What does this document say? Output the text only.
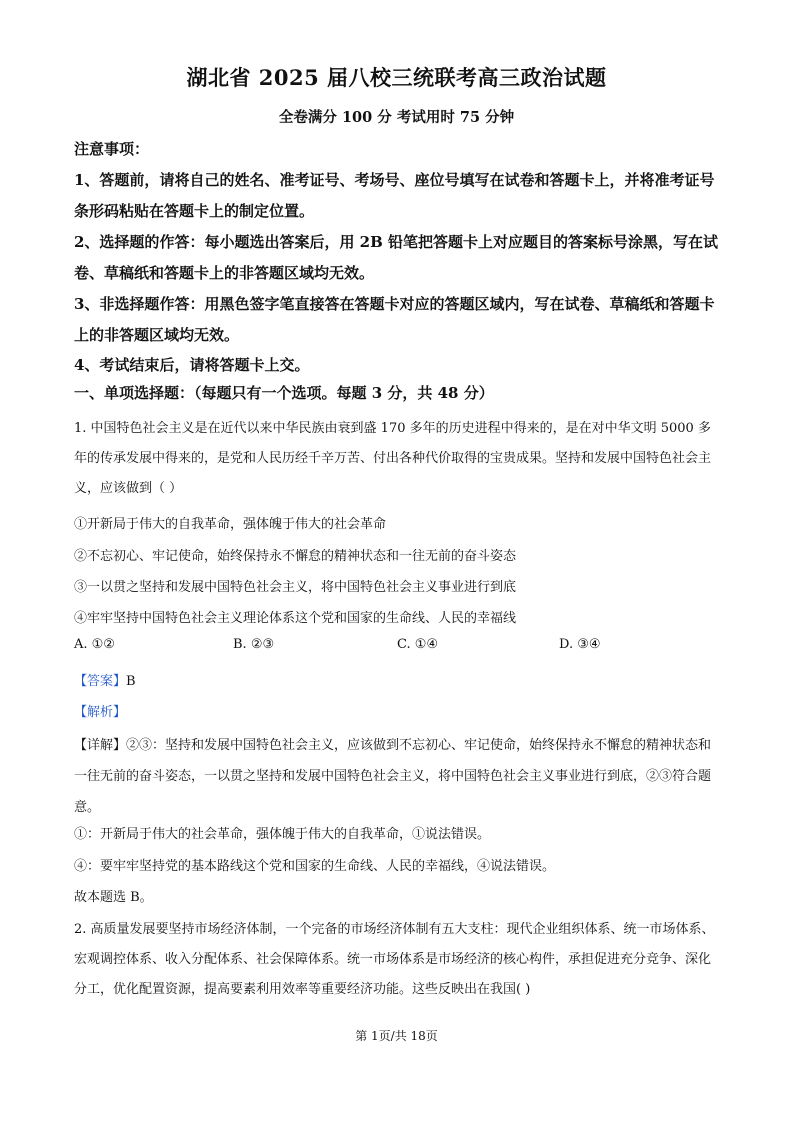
湖北省 2025 届八校三统联考高三政治试题
全卷满分 100 分 考试用时 75 分钟
注意事项：

1、答题前，请将自己的姓名、准考证号、考场号、座位号填写在试卷和答题卡上，并将准考证号条形码粘贴在答题卡上的制定位置。

2、选择题的作答：每小题选出答案后，用 2B 铅笔把答题卡上对应题目的答案标号涂黑，写在试卷、草稿纸和答题卡上的非答题区域均无效。

3、非选择题作答：用黑色签字笔直接答在答题卡对应的答题区域内，写在试卷、草稿纸和答题卡上的非答题区域均无效。

4、考试结束后，请将答题卡上交。

一、单项选择题：（每题只有一个选项。每题 3 分，共 48 分）

1. 中国特色社会主义是在近代以来中华民族由衰到盛 170 多年的历史进程中得来的，是在对中华文明 5000 多年的传承发展中得来的，是党和人民历经千辛万苦、付出各种代价取得的宝贵成果。坚持和发展中国特色社会主义，应该做到（ ）

①开新局于伟大的自我革命，强体魄于伟大的社会革命
②不忘初心、牢记使命，始终保持永不懈怠的精神状态和一往无前的奋斗姿态
③一以贯之坚持和发展中国特色社会主义，将中国特色社会主义事业进行到底
④牢牢坚持中国特色社会主义理论体系这个党和国家的生命线、人民的幸福线
A. ①②	B. ②③	C. ①④	D. ③④
【答案】B
【解析】

【详解】②③：坚持和发展中国特色社会主义，应该做到不忘初心、牢记使命，始终保持永不懈怠的精神状态和一往无前的奋斗姿态，一以贯之坚持和发展中国特色社会主义，将中国特色社会主义事业进行到底，②③符合题意。

①：开新局于伟大的社会革命，强体魄于伟大的自我革命，①说法错误。
④：要牢牢坚持党的基本路线这个党和国家的生命线、人民的幸福线，④说法错误。
故本题选 B。

2. 高质量发展要坚持市场经济体制，一个完备的市场经济体制有五大支柱：现代企业组织体系、统一市场体系、宏观调控体系、收入分配体系、社会保障体系。统一市场体系是市场经济的核心构件，承担促进充分竞争、深化分工，优化配置资源，提高要素利用效率等重要经济功能。这些反映出在我国( )

第 1页/共 18页
